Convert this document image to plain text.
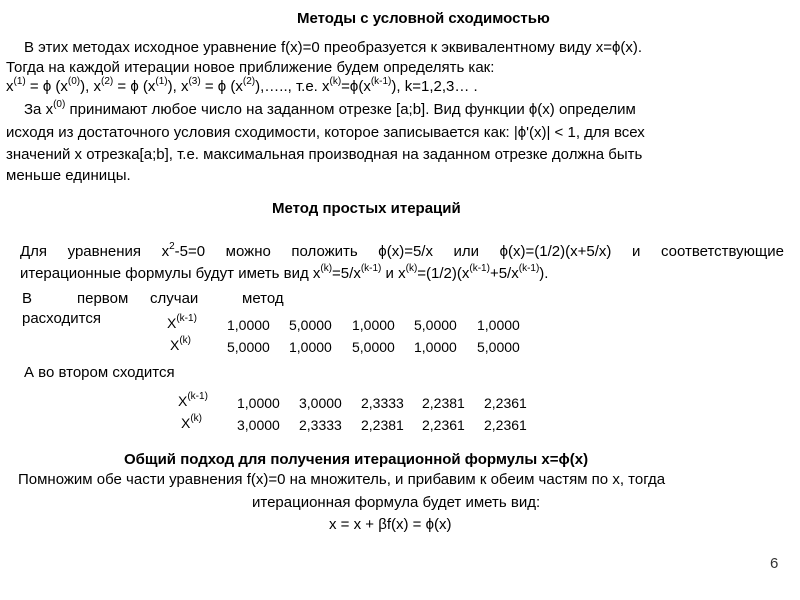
Методы с условной сходимостью
В этих методах исходное уравнение f(x)=0 преобразуется к эквивалентному виду x=ϕ(x).
Тогда на каждой итерации новое приближение будем определять как:
$x^{(1)} = \phi$ $(x^{(0)})$, $x^{(2)} = \phi$ $(x^{(1)})$, $x^{(3)} = \phi$ $(x^{(2)}),\dots$.., т.е. $x^{(k)}=\phi(x^{(k-1)})$, k=1,2,3… .
За $x^{(0)}$ принимают любое число на заданном отрезке [a;b]. Вид функции ϕ(x) определим
исходя из достаточного условия сходимости, которое записывается как: |ϕ'(x)| < 1, для всех
значений x отрезка[a;b], т.е. максимальная производная на заданном отрезке должна быть
меньше единицы.
Метод простых итераций
Для уравнения $x^2-5=0$ можно положить ϕ(x)=5/x или ϕ(x)=(1/2)(x+5/x) и соответствующие
итерационные формулы будут иметь вид $x^{(k)}=5/x^{(k-1)}$ и $x^{(k)}=(1/2)(x^{(k-1)}+5/x^{(k-1)})$.
В	первом случаи	метод
расходится	$X^{(k-1)}$ 1,0000 5,0000 1,0000 5,0000 1,0000
$X^{(k)}$	5,0000 1,0000 5,0000 1,0000 5,0000
А во втором сходится
$X^{(k-1)}$ 1,0000 3,0000 2,3333 2,2381 2,2361
$X^{(k)}$ 3,0000 2,3333 2,2381 2,2361 2,2361
Общий подход для получения итерационной формулы x=ϕ(x)
Помножим обе части уравнения f(x)=0 на множитель, и прибавим к обеим частям по x, тогда
итерационная формула будет иметь вид:
x = x + βf(x) = ϕ(x)
6
